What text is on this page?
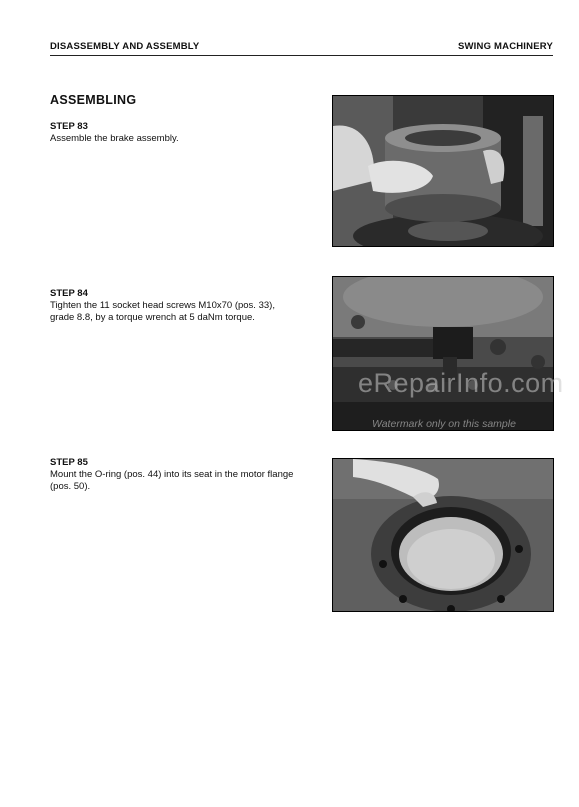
DISASSEMBLY AND ASSEMBLY	SWING MACHINERY
ASSEMBLING
STEP 83

Assemble the brake assembly.

STEP 84

Tighten the 11 socket head screws M10x70 (pos. 33),

grade 8.8, by a torque wrench at 5 daNm torque.

STEP 85

Mount the O-ring (pos. 44) into its seat in the motor flange

(pos. 50).

eRepairInfo.com
Watermark only on this sample
